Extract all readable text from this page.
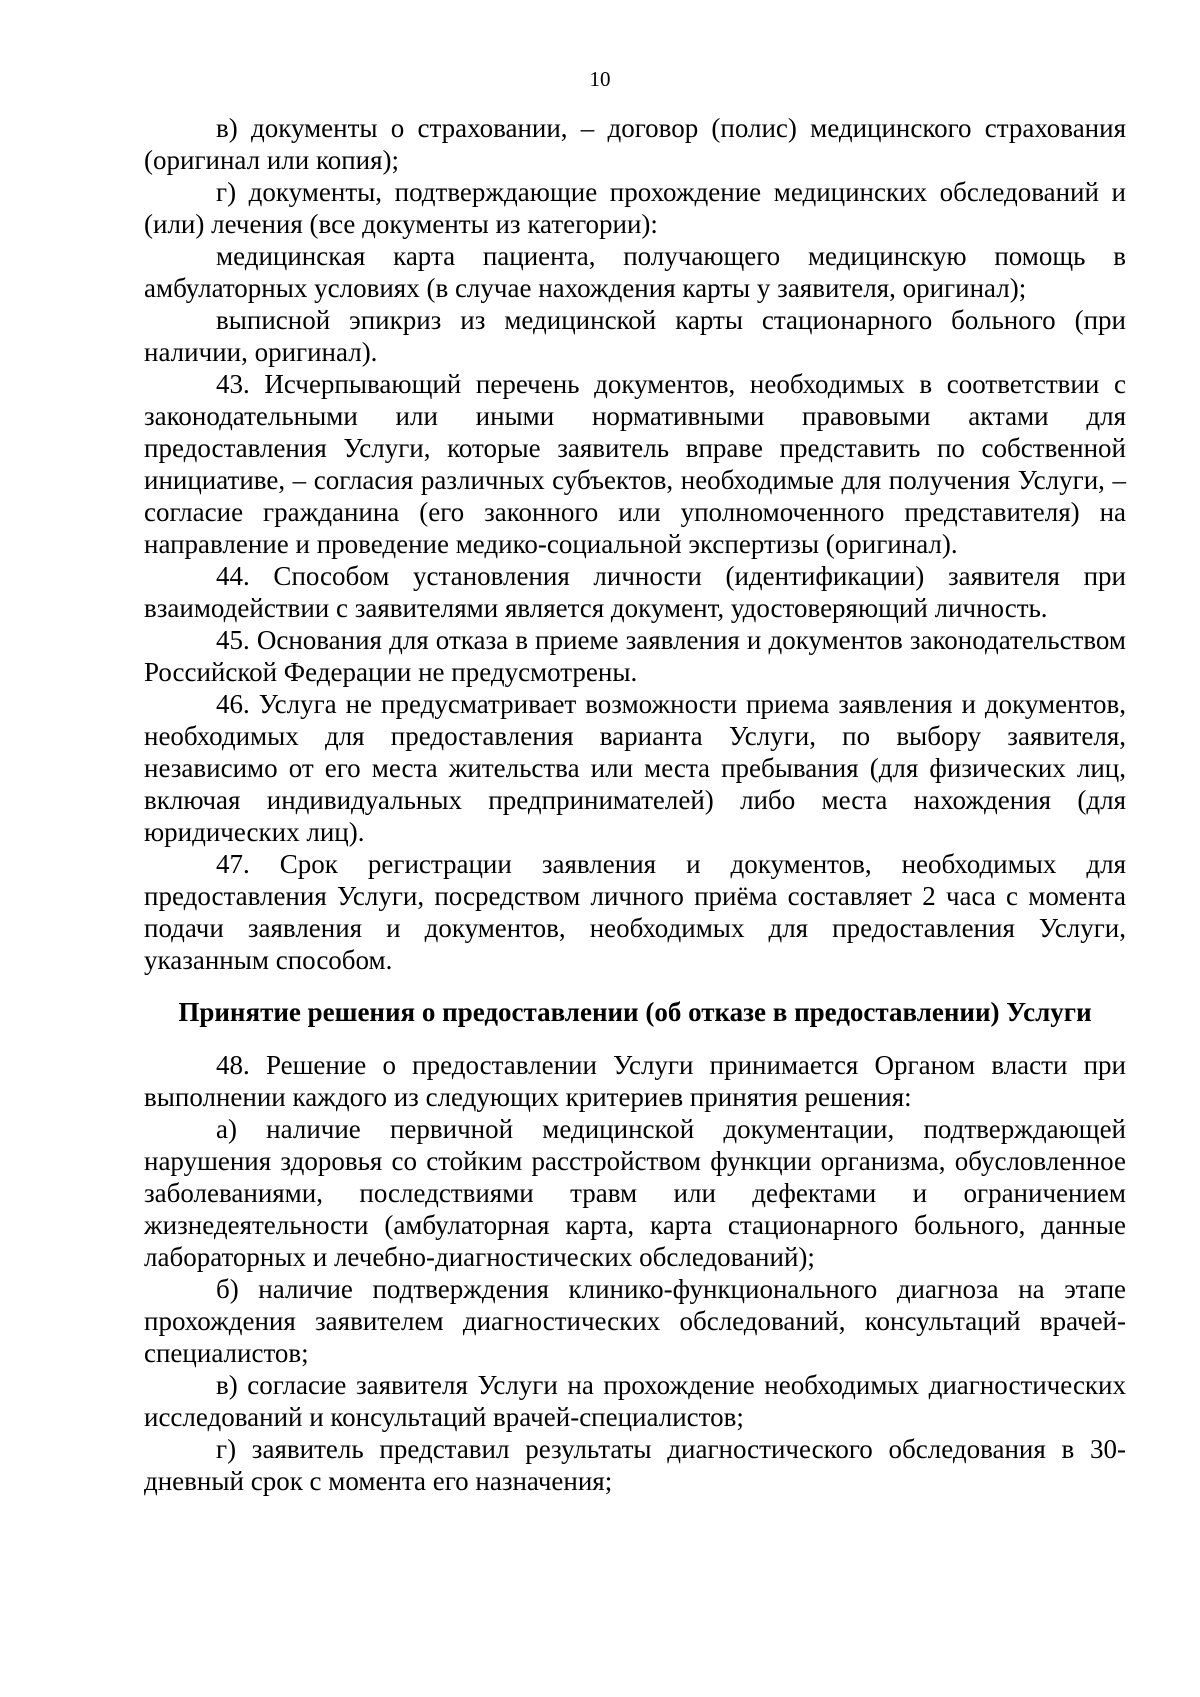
10

в) документы о страховании, – договор (полис) медицинского страхования (оригинал или копия);

г) документы, подтверждающие прохождение медицинских обследований и (или) лечения (все документы из категории):

медицинская карта пациента, получающего медицинскую помощь в амбулаторных условиях (в случае нахождения карты у заявителя, оригинал);

выписной эпикриз из медицинской карты стационарного больного (при наличии, оригинал).

43. Исчерпывающий перечень документов, необходимых в соответствии с законодательными или иными нормативными правовыми актами для предоставления Услуги, которые заявитель вправе представить по собственной инициативе, – согласия различных субъектов, необходимые для получения Услуги, – согласие гражданина (его законного или уполномоченного представителя) на направление и проведение медико-социальной экспертизы (оригинал).

44. Способом установления личности (идентификации) заявителя при взаимодействии с заявителями является документ, удостоверяющий личность.

45. Основания для отказа в приеме заявления и документов законодательством Российской Федерации не предусмотрены.

46. Услуга не предусматривает возможности приема заявления и документов, необходимых для предоставления варианта Услуги, по выбору заявителя, независимо от его места жительства или места пребывания (для физических лиц, включая индивидуальных предпринимателей) либо места нахождения (для юридических лиц).

47. Срок регистрации заявления и документов, необходимых для предоставления Услуги, посредством личного приёма составляет 2 часа с момента подачи заявления и документов, необходимых для предоставления Услуги, указанным способом.

Принятие решения о предоставлении (об отказе в предоставлении) Услуги

48. Решение о предоставлении Услуги принимается Органом власти при выполнении каждого из следующих критериев принятия решения:

а) наличие первичной медицинской документации, подтверждающей нарушения здоровья со стойким расстройством функции организма, обусловленное заболеваниями, последствиями травм или дефектами и ограничением жизнедеятельности (амбулаторная карта, карта стационарного больного, данные лабораторных и лечебно-диагностических обследований);

б) наличие подтверждения клинико-функционального диагноза на этапе прохождения заявителем диагностических обследований, консультаций врачей-специалистов;

в) согласие заявителя Услуги на прохождение необходимых диагностических исследований и консультаций врачей-специалистов;

г) заявитель представил результаты диагностического обследования в 30-дневный срок с момента его назначения;
